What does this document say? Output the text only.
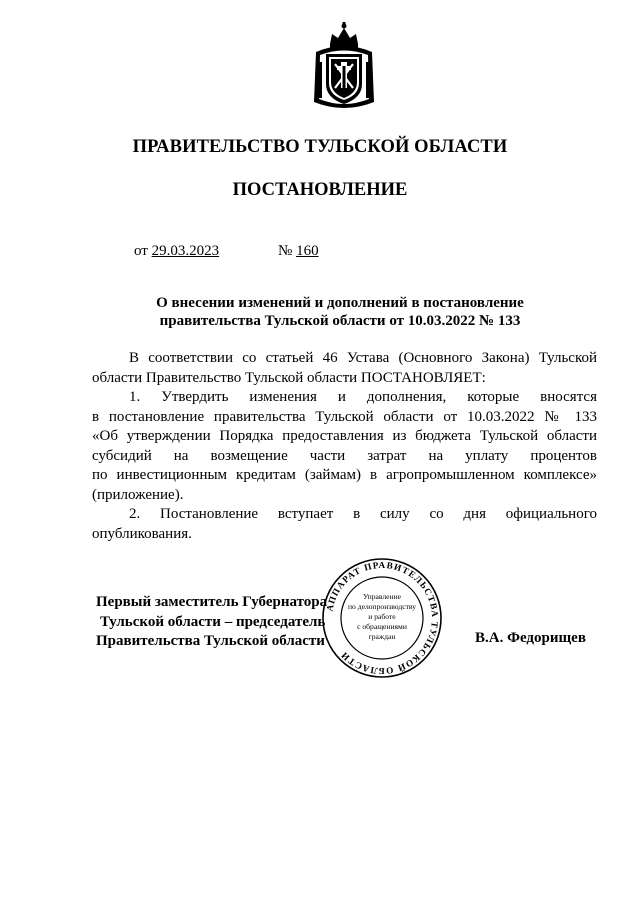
ПРАВИТЕЛЬСТВО ТУЛЬСКОЙ ОБЛАСТИ
ПОСТАНОВЛЕНИЕ
от 29.03.2023	№ 160
О внесении изменений и дополнений в постановление
правительства Тульской области от 10.03.2022 № 133
В соответствии со статьей 46 Устава (Основного Закона) Тульской
области Правительство Тульской области ПОСТАНОВЛЯЕТ:
1. Утвердить изменения и дополнения, которые вносятся
в постановление правительства Тульской области от 10.03.2022 № 133
«Об утверждении Порядка предоставления из бюджета Тульской области
субсидий на возмещение части затрат на уплату процентов
по инвестиционным кредитам (займам) в агропромышленном комплексе»
(приложение).
2. Постановление вступает в силу со дня официального
опубликования.
Первый заместитель Губернатора
Тульской области – председатель
Правительства Тульской области
АППАРАТ ПРАВИТЕЛЬСТВА ТУЛЬСКОЙ ОБЛАСТИ
Управление
по делопроизводству
и работе
с обращениями
граждан	В.А. Федорищев
